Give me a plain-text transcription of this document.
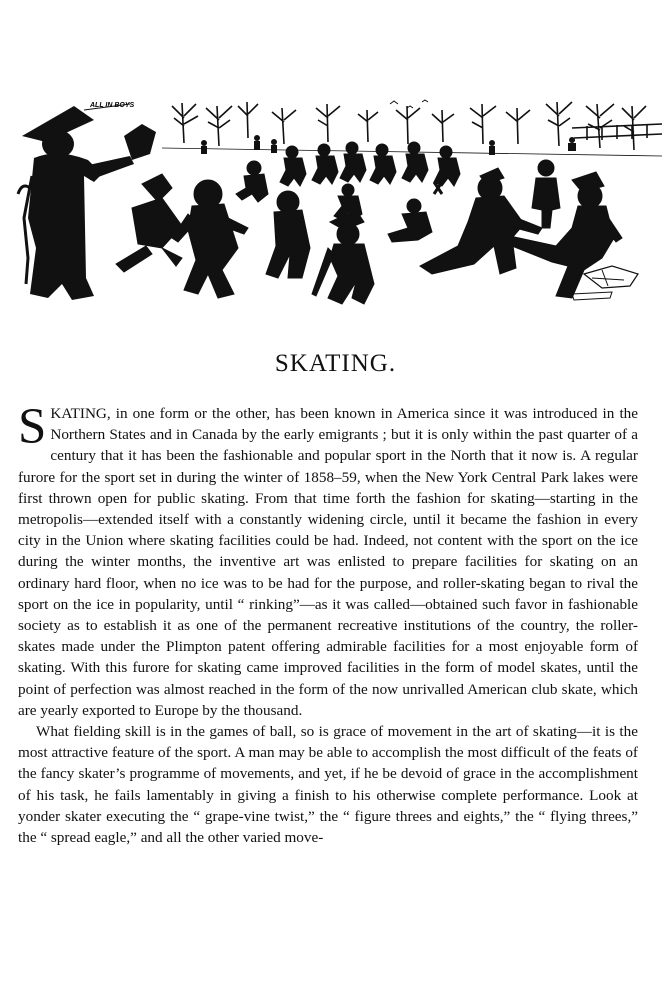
ALL IN BOYS
SKATING.

SKATING, in one form or the other, has been known in America since it was introduced in the Northern States and in Canada by the early emigrants ; but it is only within the past quarter of a century that it has been the fashionable and popular sport in the North that it now is. A regular furore for the sport set in during the winter of 1858–59, when the New York Central Park lakes were first thrown open for public skating. From that time forth the fashion for skating—starting in the metropolis—extended itself with a constantly widening circle, until it became the fashion in every city in the Union where skating facilities could be had. Indeed, not content with the sport on the ice during the winter months, the inventive art was enlisted to prepare facilities for skating on an ordinary hard floor, when no ice was to be had for the purpose, and roller-skating began to rival the sport on the ice in popularity, until “ rinking”—as it was called—obtained such favor in fashionable society as to establish it as one of the permanent recreative institutions of the country, the roller-skates made under the Plimpton patent offering admirable facilities for a most enjoyable form of skating. With this furore for skating came improved facilities in the form of model skates, until the point of perfection was almost reached in the form of the now unrivalled American club skate, which are yearly exported to Europe by the thousand.

What fielding skill is in the games of ball, so is grace of movement in the art of skating—it is the most attractive feature of the sport. A man may be able to accomplish the most difficult of the feats of the fancy skater’s programme of movements, and yet, if he be devoid of grace in the accomplishment of his task, he fails lamentably in giving a finish to his otherwise complete performance. Look at yonder skater executing the “ grape-vine twist,” the “ figure threes and eights,” the “ flying threes,” the “ spread eagle,” and all the other varied move-
